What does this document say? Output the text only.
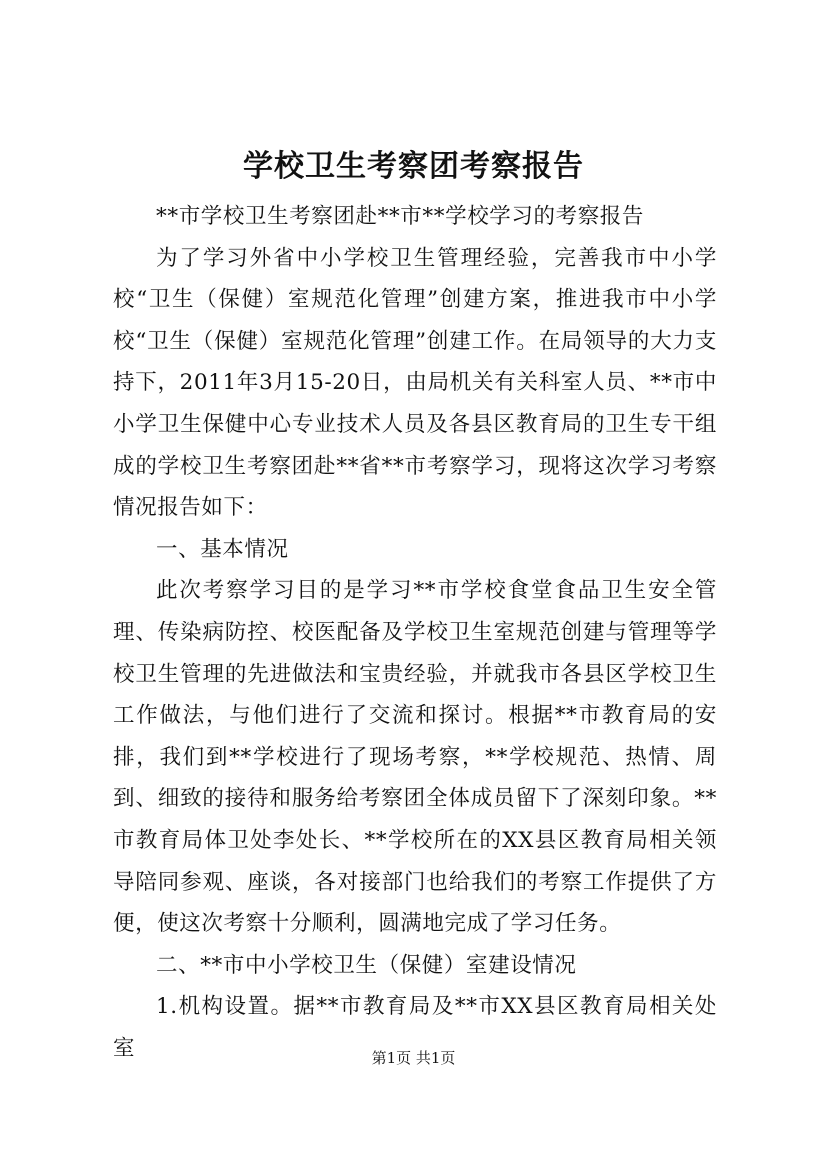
学校卫生考察团考察报告

**市学校卫生考察团赴**市**学校学习的考察报告

为了学习外省中小学校卫生管理经验，完善我市中小学校“卫生（保健）室规范化管理”创建方案，推进我市中小学校“卫生（保健）室规范化管理”创建工作。在局领导的大力支持下，2011年3月15-20日，由局机关有关科室人员、**市中小学卫生保健中心专业技术人员及各县区教育局的卫生专干组成的学校卫生考察团赴**省**市考察学习，现将这次学习考察情况报告如下：

一、基本情况

此次考察学习目的是学习**市学校食堂食品卫生安全管理、传染病防控、校医配备及学校卫生室规范创建与管理等学校卫生管理的先进做法和宝贵经验，并就我市各县区学校卫生工作做法，与他们进行了交流和探讨。根据**市教育局的安排，我们到**学校进行了现场考察，**学校规范、热情、周到、细致的接待和服务给考察团全体成员留下了深刻印象。**市教育局体卫处李处长、**学校所在的XX县区教育局相关领导陪同参观、座谈，各对接部门也给我们的考察工作提供了方便，使这次考察十分顺利，圆满地完成了学习任务。

二、**市中小学校卫生（保健）室建设情况

1.机构设置。据**市教育局及**市XX县区教育局相关处室	第1页 共1页
